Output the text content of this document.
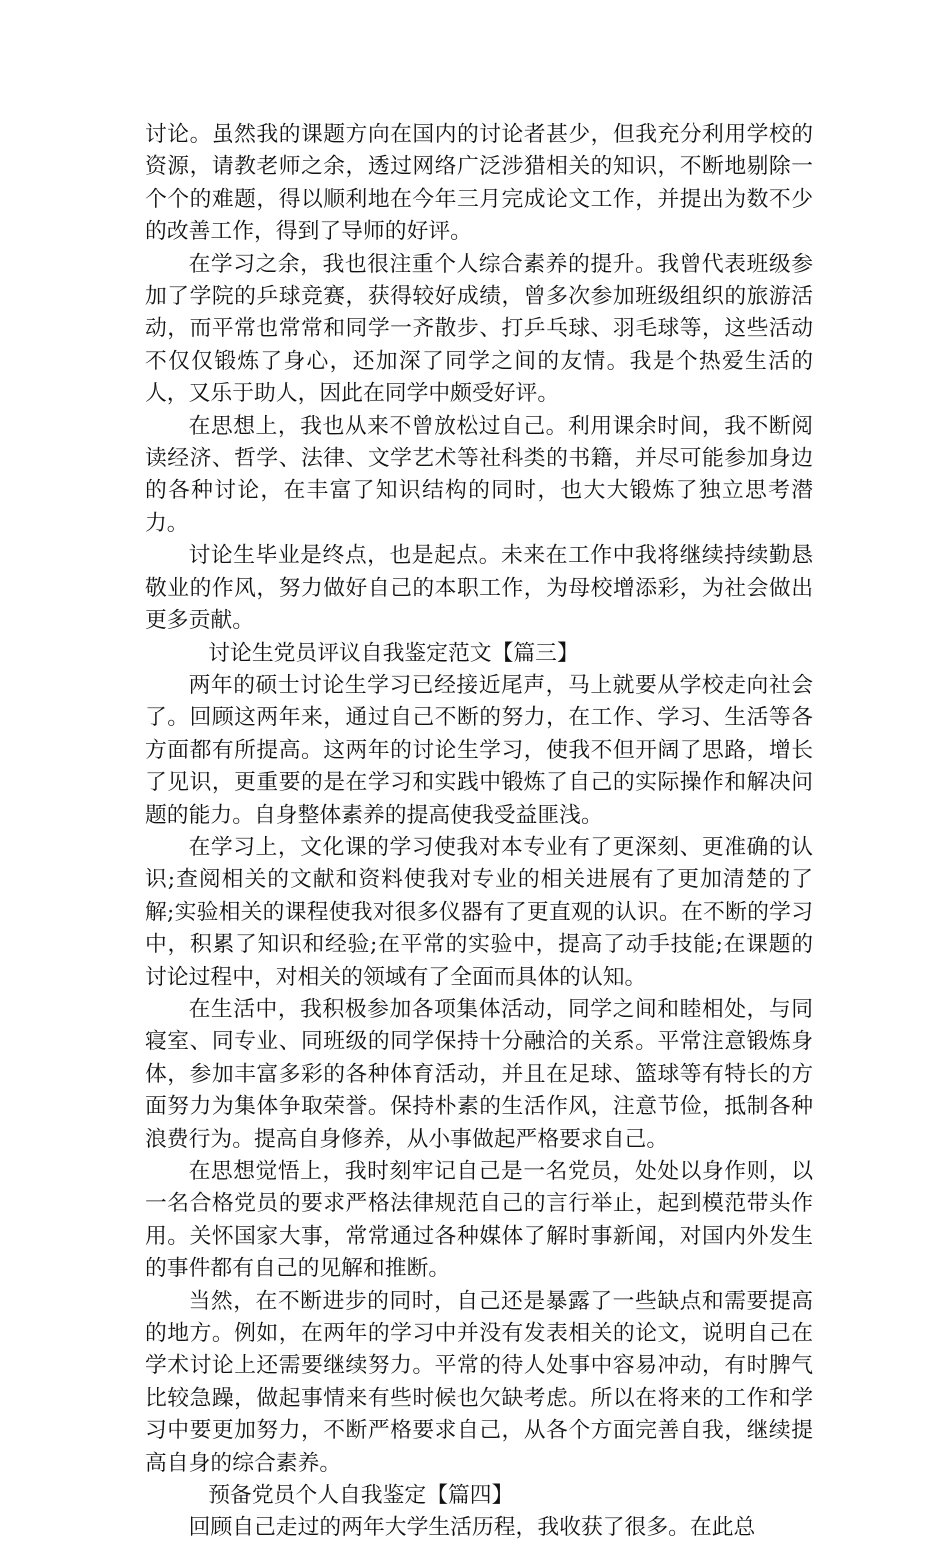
讨论。虽然我的课题方向在国内的讨论者甚少，但我充分利用学校的资源，请教老师之余，透过网络广泛涉猎相关的知识，不断地剔除一个个的难题，得以顺利地在今年三月完成论文工作，并提出为数不少的改善工作，得到了导师的好评。

在学习之余，我也很注重个人综合素养的提升。我曾代表班级参加了学院的乒球竞赛，获得较好成绩，曾多次参加班级组织的旅游活动，而平常也常常和同学一齐散步、打乒乓球、羽毛球等，这些活动不仅仅锻炼了身心，还加深了同学之间的友情。我是个热爱生活的人，又乐于助人，因此在同学中颇受好评。

在思想上，我也从来不曾放松过自己。利用课余时间，我不断阅读经济、哲学、法律、文学艺术等社科类的书籍，并尽可能参加身边的各种讨论，在丰富了知识结构的同时，也大大锻炼了独立思考潜力。

讨论生毕业是终点，也是起点。未来在工作中我将继续持续勤恳敬业的作风，努力做好自己的本职工作，为母校增添彩，为社会做出更多贡献。

讨论生党员评议自我鉴定范文【篇三】

两年的硕士讨论生学习已经接近尾声，马上就要从学校走向社会了。回顾这两年来，通过自己不断的努力，在工作、学习、生活等各方面都有所提高。这两年的讨论生学习，使我不但开阔了思路，增长了见识，更重要的是在学习和实践中锻炼了自己的实际操作和解决问题的能力。自身整体素养的提高使我受益匪浅。

在学习上，文化课的学习使我对本专业有了更深刻、更准确的认识;查阅相关的文献和资料使我对专业的相关进展有了更加清楚的了解;实验相关的课程使我对很多仪器有了更直观的认识。在不断的学习中，积累了知识和经验;在平常的实验中，提高了动手技能;在课题的讨论过程中，对相关的领域有了全面而具体的认知。

在生活中，我积极参加各项集体活动，同学之间和睦相处，与同寝室、同专业、同班级的同学保持十分融洽的关系。平常注意锻炼身体，参加丰富多彩的各种体育活动，并且在足球、篮球等有特长的方面努力为集体争取荣誉。保持朴素的生活作风，注意节俭，抵制各种浪费行为。提高自身修养，从小事做起严格要求自己。

在思想觉悟上，我时刻牢记自己是一名党员，处处以身作则，以一名合格党员的要求严格法律规范自己的言行举止，起到模范带头作用。关怀国家大事，常常通过各种媒体了解时事新闻，对国内外发生的事件都有自己的见解和推断。

当然，在不断进步的同时，自己还是暴露了一些缺点和需要提高的地方。例如，在两年的学习中并没有发表相关的论文，说明自己在学术讨论上还需要继续努力。平常的待人处事中容易冲动，有时脾气比较急躁，做起事情来有些时候也欠缺考虑。所以在将来的工作和学习中要更加努力，不断严格要求自己，从各个方面完善自我，继续提高自身的综合素养。

预备党员个人自我鉴定【篇四】

回顾自己走过的两年大学生活历程，我收获了很多。在此总
